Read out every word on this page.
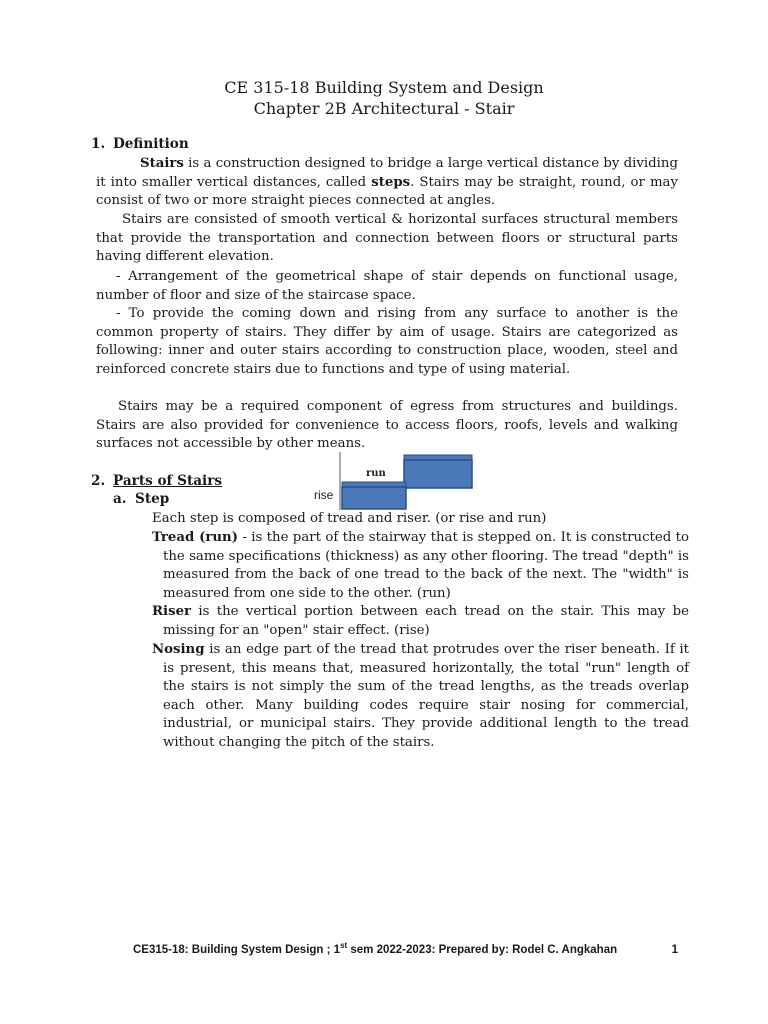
CE 315-18 Building System and Design
Chapter 2B Architectural - Stair
1. Definition

Stairs is a construction designed to bridge a large vertical distance by dividing it into smaller vertical distances, called steps. Stairs may be straight, round, or may consist of two or more straight pieces connected at angles.

Stairs are consisted of smooth vertical & horizontal surfaces structural members that provide the transportation and connection between floors or structural parts having different elevation.

- Arrangement of the geometrical shape of stair depends on functional usage, number of floor and size of the staircase space.

- To provide the coming down and rising from any surface to another is the common property of stairs. They differ by aim of usage. Stairs are categorized as following: inner and outer stairs according to construction place, wooden, steel and reinforced concrete stairs due to functions and type of using material.

Stairs may be a required component of egress from structures and buildings. Stairs are also provided for convenience to access floors, roofs, levels and walking surfaces not accessible by other means.

2. Parts of Stairs
a. Step
run
rise

Each step is composed of tread and riser. (or rise and run)

Tread (run) - is the part of the stairway that is stepped on. It is constructed to the same specifications (thickness) as any other flooring. The tread "depth" is measured from the back of one tread to the back of the next. The "width" is measured from one side to the other. (run)

Riser is the vertical portion between each tread on the stair. This may be missing for an "open" stair effect. (rise)

Nosing is an edge part of the tread that protrudes over the riser beneath. If it is present, this means that, measured horizontally, the total "run" length of the stairs is not simply the sum of the tread lengths, as the treads overlap each other. Many building codes require stair nosing for commercial, industrial, or municipal stairs. They provide additional length to the tread without changing the pitch of the stairs.

CE315-18: Building System Design ; 1st sem 2022-2023: Prepared by: Rodel C. Angkahan	1
